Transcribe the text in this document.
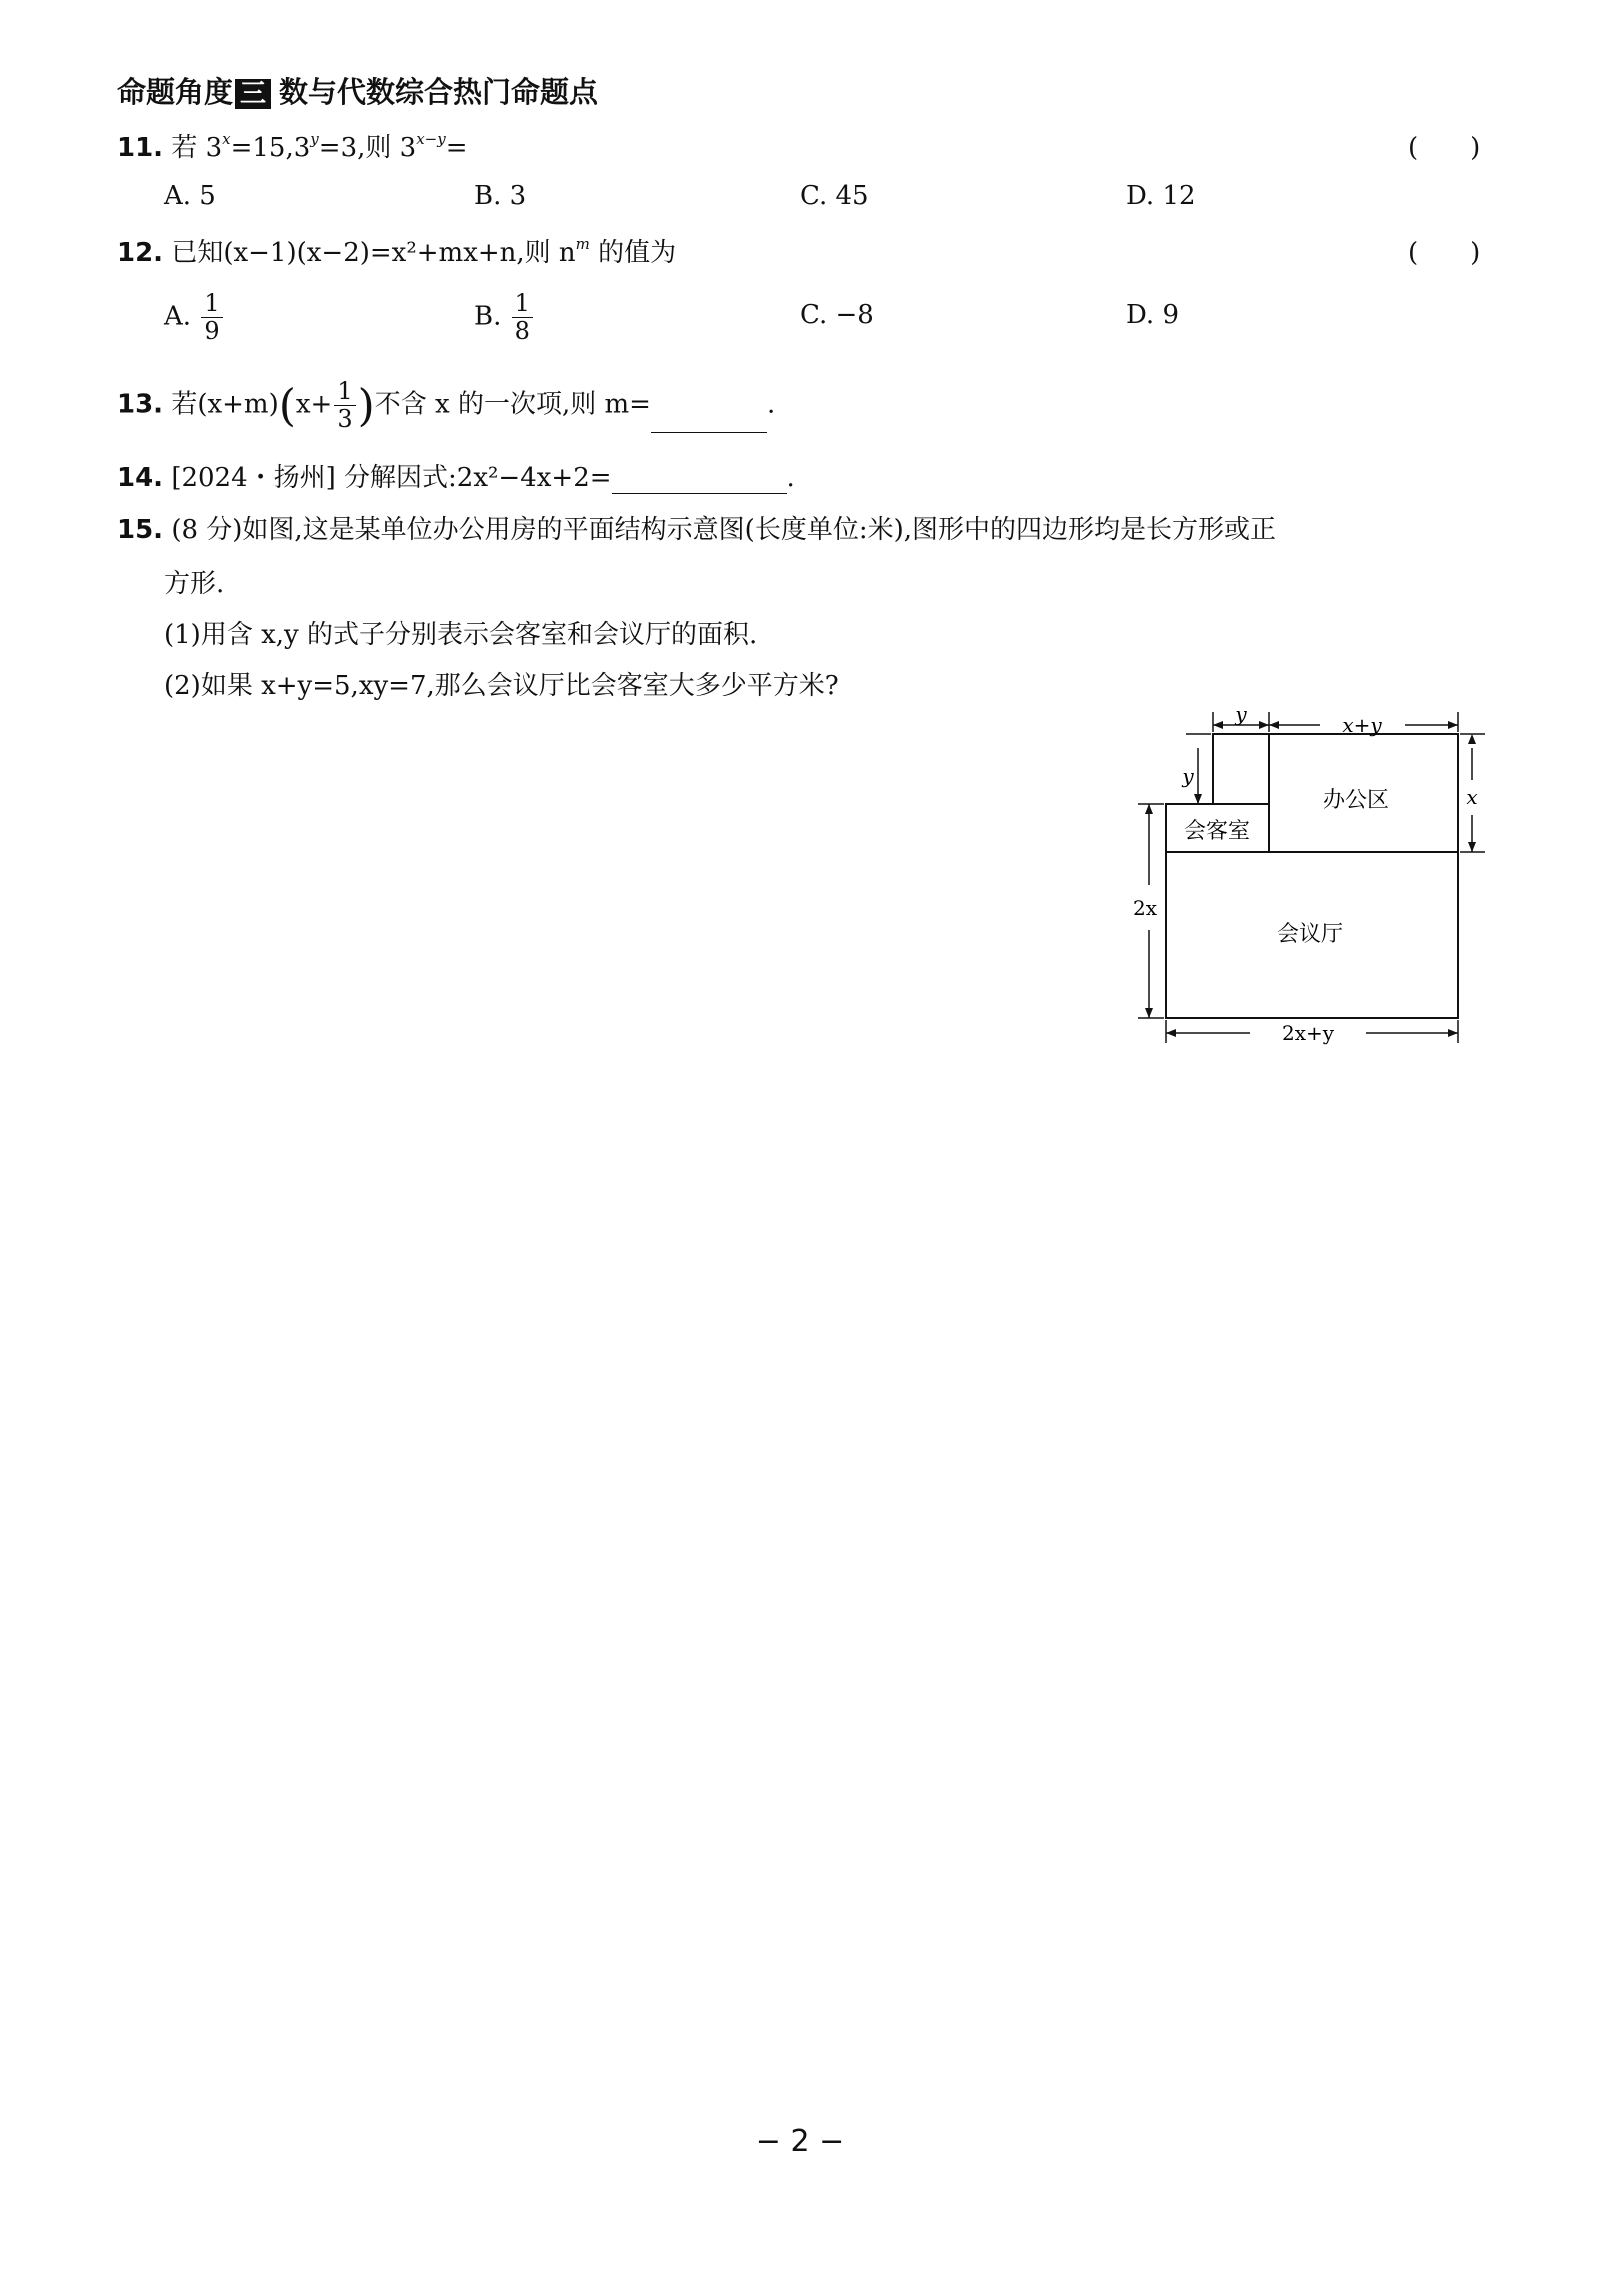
命题角度 三 数与代数综合热门命题点
11. 若 $3^x=15,3^y=3$,则 $3^{x-y}=$	(　　)
A. 5	B. 3	C. 45	D. 12
12. 已知(x−1)(x−2)=x²+mx+n,则 $n^m$ 的值为	(　　)
A. $\frac{1}{9}$	B. $\frac{1}{8}$	C. −8	D. 9
13. 若$(x+m)(x+ \frac{1}{3}$ )不含 x 的一次项,则 m=	.
14. [2024・扬州] 分解因式:2x²−4x+2=	.
15. (8 分)如图,这是某单位办公用房的平面结构示意图(长度单位:米),图形中的四边形均是长方形或正
方形.
(1)用含 x,y 的式子分别表示会客室和会议厅的面积.
(2)如果 x+y=5,xy=7,那么会议厅比会客室大多少平方米?
y	x+y
y
x
办公区
会客室
会议厅
2x
2x+y
− 2 −
